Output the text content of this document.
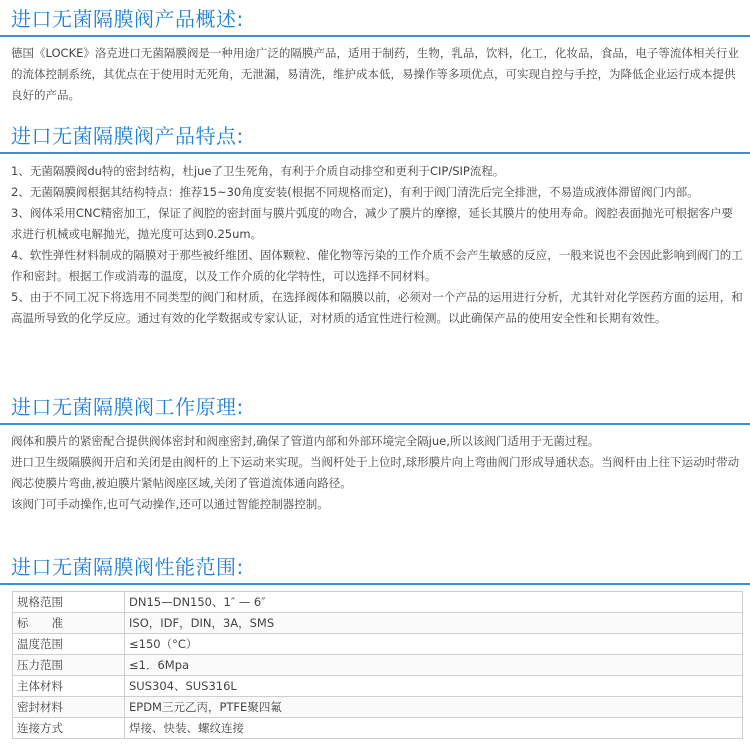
进口无菌隔膜阀产品概述:

德国《LOCKE》洛克进口无菌隔膜阀是一种用途广泛的隔膜产品，适用于制药，生物，乳品，饮料，化工，化妆品，食品，电子等流体相关行业的流体控制系统，其优点在于使用时无死角，无泄漏，易清洗，维护成本低，易操作等多项优点，可实现自控与手控，为降低企业运行成本提供良好的产品。

进口无菌隔膜阀产品特点:

1、无菌隔膜阀du特的密封结构，杜jue了卫生死角，有利于介质自动排空和更利于CIP/SIP流程。

2、无菌隔膜阀根据其结构特点：推荐15~30角度安装(根据不同规格而定)，有利于阀门清洗后完全排泄，不易造成液体滞留阀门内部。

3、阀体采用CNC精密加工，保证了阀腔的密封面与膜片弧度的吻合，减少了膜片的摩擦，延长其膜片的使用寿命。阀腔表面抛光可根据客户要求进行机械或电解抛光，抛光度可达到0.25um。

4、软性弹性材料制成的隔膜对于那些被纤维团、固体颗粒、催化物等污染的工作介质不会产生敏感的反应，一般来说也不会因此影响到阀门的工作和密封。根据工作或消毒的温度，以及工作介质的化学特性，可以选择不同材料。

5、由于不同工况下将选用不同类型的阀门和材质，在选择阀体和隔膜以前，必须对一个产品的运用进行分析，尤其针对化学医药方面的运用，和高温所导致的化学反应。通过有效的化学数据或专家认证，对材质的适宜性进行检测。以此确保产品的使用安全性和长期有效性。

进口无菌隔膜阀工作原理:

阀体和膜片的紧密配合提供阀体密封和阀座密封,确保了管道内部和外部环境完全隔jue,所以该阀门适用于无菌过程。

进口卫生级隔膜阀开启和关闭是由阀杆的上下运动来实现。当阀杆处于上位时,球形膜片向上弯曲阀门形成导通状态。当阀杆由上往下运动时带动阀芯使膜片弯曲,被迫膜片紧帖阀座区域,关闭了管道流体通向路径。

该阀门可手动操作,也可气动操作,还可以通过智能控制器控制。

进口无菌隔膜阀性能范围:
规格范围	DN15—DN150、1″ — 6″
标　　准	ISO，IDF，DIN，3A，SMS
温度范围	≤150（°C）
压力范围	≤1．6Mpa
主体材料	SUS304、SUS316L
密封材料	EPDM三元乙丙，PTFE聚四氟
连接方式	焊接、快装、螺纹连接
